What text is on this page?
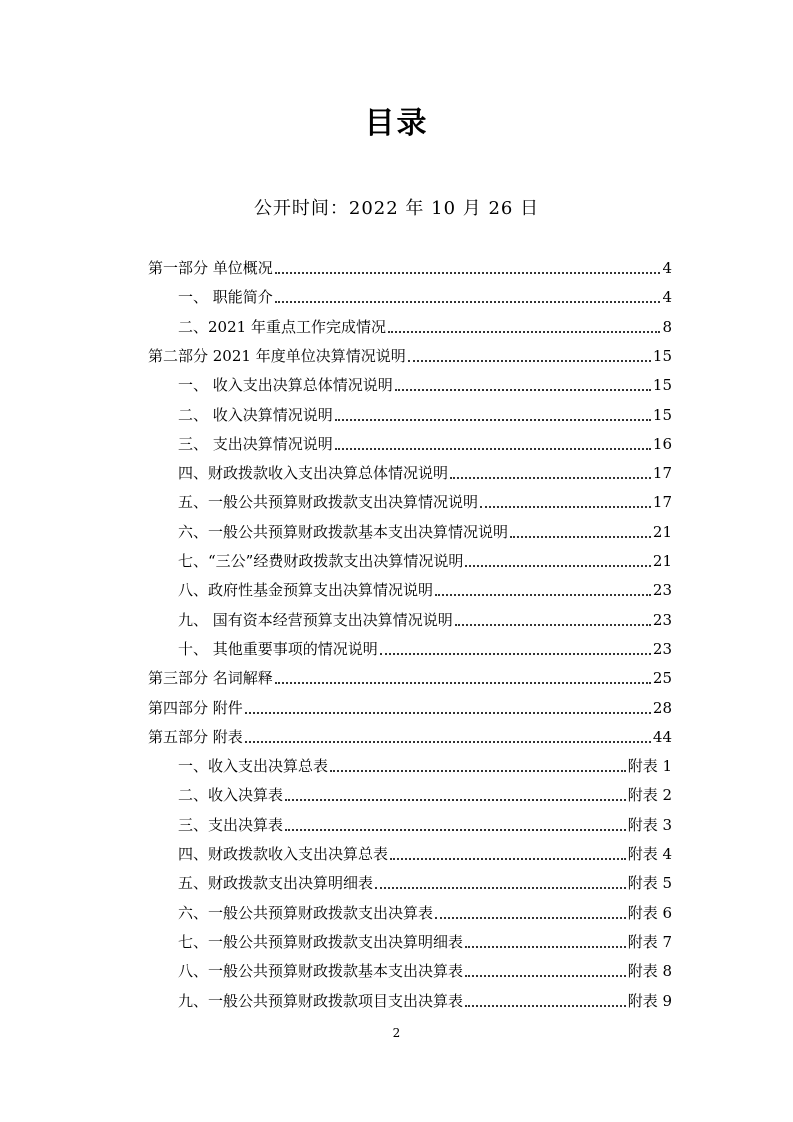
目录
公开时间：2022 年 10 月 26 日
第一部分 单位概况	4
一、 职能简介	4
二、2021 年重点工作完成情况	8
第二部分 2021 年度单位决算情况说明	15
一、 收入支出决算总体情况说明	15
二、 收入决算情况说明	15
三、 支出决算情况说明	16
四、财政拨款收入支出决算总体情况说明	17
五、一般公共预算财政拨款支出决算情况说明	17
六、一般公共预算财政拨款基本支出决算情况说明	21
七、“三公”经费财政拨款支出决算情况说明	21
八、政府性基金预算支出决算情况说明	23
九、 国有资本经营预算支出决算情况说明	23
十、 其他重要事项的情况说明	23
第三部分 名词解释	25
第四部分 附件	28
第五部分 附表	44
一、收入支出决算总表	附表 1
二、收入决算表	附表 2
三、支出决算表	附表 3
四、财政拨款收入支出决算总表	附表 4
五、财政拨款支出决算明细表	附表 5
六、一般公共预算财政拨款支出决算表	附表 6
七、一般公共预算财政拨款支出决算明细表	附表 7
八、一般公共预算财政拨款基本支出决算表	附表 8
九、一般公共预算财政拨款项目支出决算表	附表 9
2
